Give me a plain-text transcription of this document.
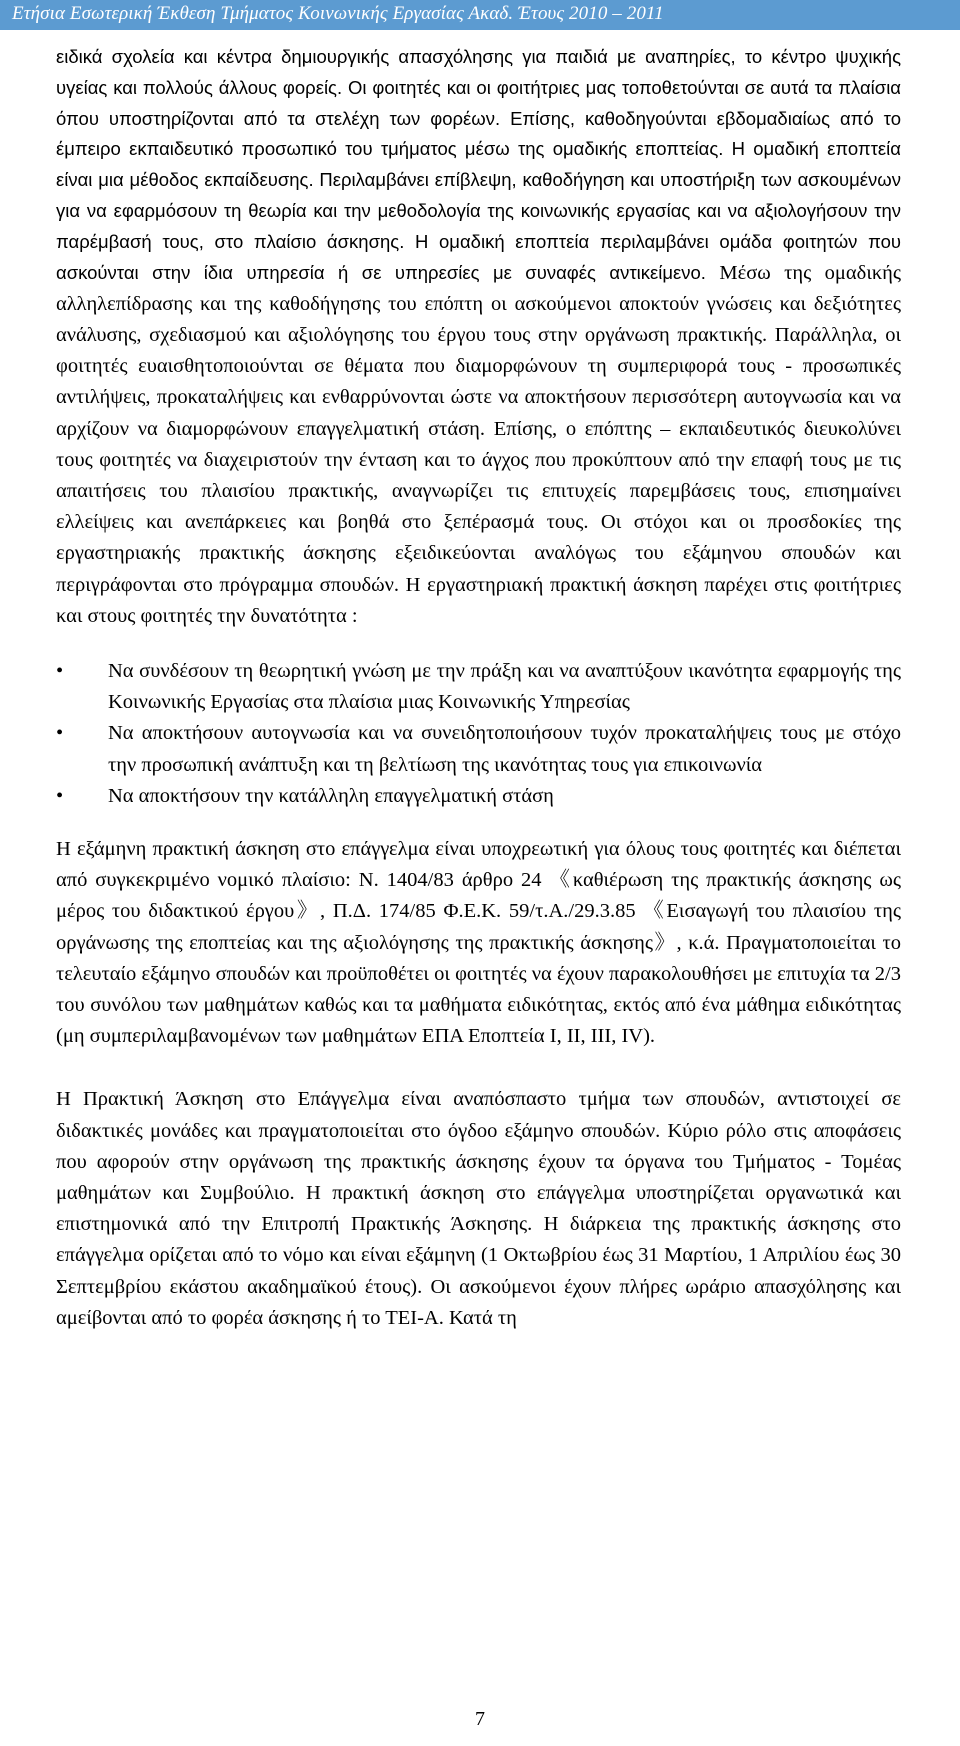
Ετήσια Εσωτερική Έκθεση Τμήματος Κοινωνικής Εργασίας Ακαδ. Έτους 2010 – 2011

ειδικά σχολεία και κέντρα δημιουργικής απασχόλησης για παιδιά με αναπηρίες, το κέντρο ψυχικής υγείας και πολλούς άλλους φορείς. Οι φοιτητές και οι φοιτήτριες μας τοποθετούνται σε αυτά τα πλαίσια όπου υποστηρίζονται από τα στελέχη των φορέων. Επίσης, καθοδηγούνται εβδομαδιαίως από το έμπειρο εκπαιδευτικό προσωπικό του τμήματος μέσω της ομαδικής εποπτείας. Η ομαδική εποπτεία είναι μια μέθοδος εκπαίδευσης. Περιλαμβάνει επίβλεψη, καθοδήγηση και υποστήριξη των ασκουμένων για να εφαρμόσουν τη θεωρία και την μεθοδολογία της κοινωνικής εργασίας και να αξιολογήσουν την παρέμβασή τους, στο πλαίσιο άσκησης. Η ομαδική εποπτεία περιλαμβάνει ομάδα φοιτητών που ασκούνται στην ίδια υπηρεσία ή σε υπηρεσίες με συναφές αντικείμενο. Μέσω της ομαδικής αλληλεπίδρασης και της καθοδήγησης του επόπτη οι ασκούμενοι αποκτούν γνώσεις και δεξιότητες ανάλυσης, σχεδιασμού και αξιολόγησης του έργου τους στην οργάνωση πρακτικής. Παράλληλα, οι φοιτητές ευαισθητοποιούνται σε θέματα που διαμορφώνουν τη συμπεριφορά τους - προσωπικές αντιλήψεις, προκαταλήψεις και ενθαρρύνονται ώστε να αποκτήσουν περισσότερη αυτογνωσία και να αρχίζουν να διαμορφώνουν επαγγελματική στάση. Επίσης, ο επόπτης – εκπαιδευτικός διευκολύνει τους φοιτητές να διαχειριστούν την ένταση και το άγχος που προκύπτουν από την επαφή τους με τις απαιτήσεις του πλαισίου πρακτικής, αναγνωρίζει τις επιτυχείς παρεμβάσεις τους, επισημαίνει ελλείψεις και ανεπάρκειες και βοηθά στο ξεπέρασμά τους. Οι στόχοι και οι προσδοκίες της εργαστηριακής πρακτικής άσκησης εξειδικεύονται αναλόγως του εξάμηνου σπουδών και περιγράφονται στο πρόγραμμα σπουδών. Η εργαστηριακή πρακτική άσκηση παρέχει στις φοιτήτριες και στους φοιτητές την δυνατότητα :

• Να συνδέσουν τη θεωρητική γνώση με την πράξη και να αναπτύξουν ικανότητα εφαρμογής της Κοινωνικής Εργασίας στα πλαίσια μιας Κοινωνικής Υπηρεσίας
• Να αποκτήσουν αυτογνωσία και να συνειδητοποιήσουν τυχόν προκαταλήψεις τους με στόχο την προσωπική ανάπτυξη και τη βελτίωση της ικανότητας τους για επικοινωνία
• Να αποκτήσουν την κατάλληλη επαγγελματική στάση

Η εξάμηνη πρακτική άσκηση στο επάγγελμα είναι υποχρεωτική για όλους τους φοιτητές και διέπεται από συγκεκριμένο νομικό πλαίσιο: Ν. 1404/83 άρθρο 24 《καθιέρωση της πρακτικής άσκησης ως μέρος του διδακτικού έργου》, Π.Δ. 174/85 Φ.Ε.Κ. 59/τ.Α./29.3.85 《Εισαγωγή του πλαισίου της οργάνωσης της εποπτείας και της αξιολόγησης της πρακτικής άσκησης》, κ.ά. Πραγματοποιείται το τελευταίο εξάμηνο σπουδών και προϋποθέτει οι φοιτητές να έχουν παρακολουθήσει με επιτυχία τα 2/3 του συνόλου των μαθημάτων καθώς και τα μαθήματα ειδικότητας, εκτός από ένα μάθημα ειδικότητας (μη συμπεριλαμβανομένων των μαθημάτων ΕΠΑ Εποπτεία Ι, ΙΙ, ΙΙΙ, ΙV).

Η Πρακτική Άσκηση στο Επάγγελμα είναι αναπόσπαστο τμήμα των σπουδών, αντιστοιχεί σε διδακτικές μονάδες και πραγματοποιείται στο όγδοο εξάμηνο σπουδών. Κύριο ρόλο στις αποφάσεις που αφορούν στην οργάνωση της πρακτικής άσκησης έχουν τα όργανα του Τμήματος - Τομέας μαθημάτων και Συμβούλιο. Η πρακτική άσκηση στο επάγγελμα υποστηρίζεται οργανωτικά και επιστημονικά από την Επιτροπή Πρακτικής Άσκησης. Η διάρκεια της πρακτικής άσκησης στο επάγγελμα ορίζεται από το νόμο και είναι εξάμηνη (1 Οκτωβρίου έως 31 Μαρτίου, 1 Απριλίου έως 30 Σεπτεμβρίου εκάστου ακαδημαϊκού έτους). Οι ασκούμενοι έχουν πλήρες ωράριο απασχόλησης και αμείβονται από το φορέα άσκησης ή το ΤΕΙ-Α. Κατά τη

7
